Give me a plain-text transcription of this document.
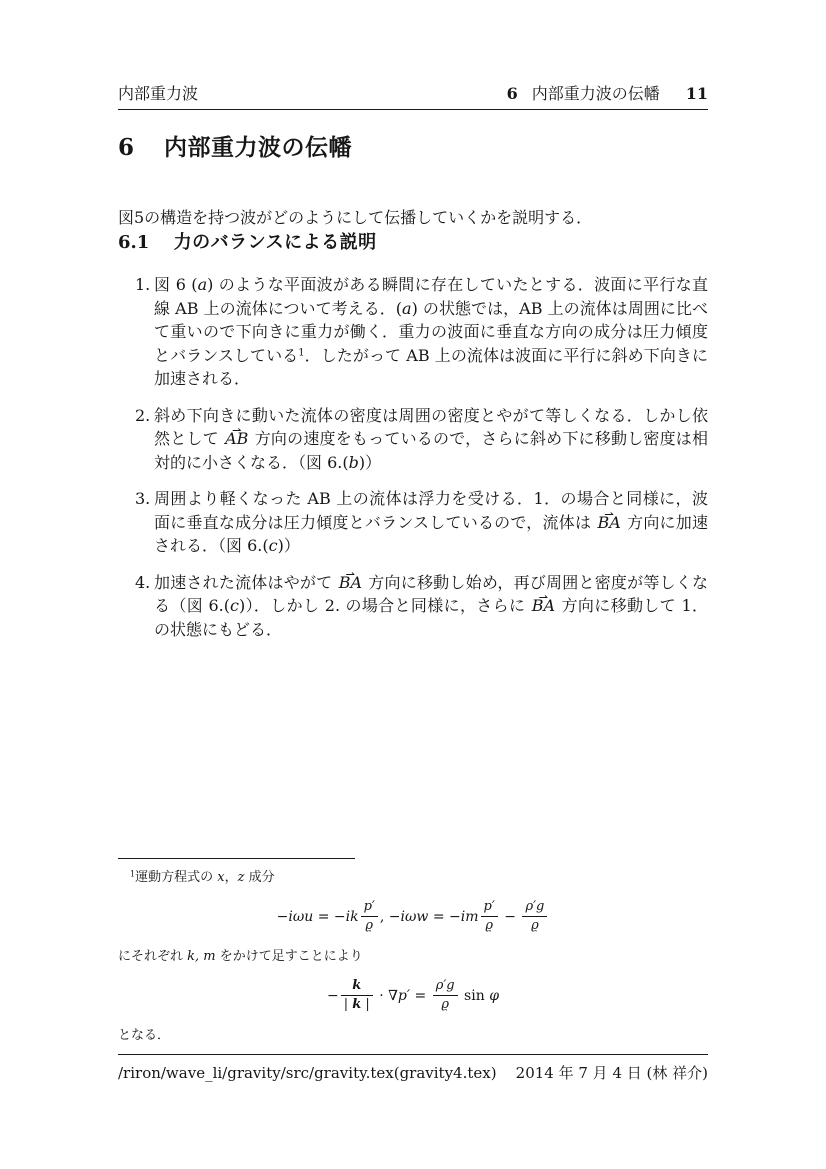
内部重力波	6 内部重力波の伝幡 11
6 内部重力波の伝幡

図5の構造を持つ波がどのようにして伝播していくかを説明する．

6.1 力のバランスによる説明
1. 図 6 (a) のような平面波がある瞬間に存在していたとする．波面に平行な直線 AB 上の流体について考える．(a) の状態では，AB 上の流体は周囲に比べて重いので下向きに重力が働く．重力の波面に垂直な方向の成分は圧力傾度とバランスしている$^1$．したがって AB 上の流体は波面に平行に斜め下向きに加速される．
2. 斜め下向きに動いた流体の密度は周囲の密度とやがて等しくなる．しかし依然として ⇀ AB 方向の速度をもっているので，さらに斜め下に移動し密度は相対的に小さくなる．（図 6.(b)）
3. 周囲より軽くなった AB 上の流体は浮力を受ける．1．の場合と同様に，波面に垂直な成分は圧力傾度とバランスしているので，流体は ⇀ BA 方向に加速される．（図 6.(c)）
4. 加速された流体はやがて ⇀ BA 方向に移動し始め，再び周囲と密度が等しくなる（図 6.(c)）．しかし 2. の場合と同様に，さらに ⇀ BA 方向に移動して 1．の状態にもどる．
$^1$運動方程式の x，z 成分
$-i\omega u = -ik \frac{p'}{ϱ}$ , $-i\omega w = -im \frac{p'}{ϱ} - \frac{\rho'g}{ϱ}$
にそれぞれ k, m をかけて足すことにより
− $\frac{k}{| k |} \cdot \nabla p' = \frac{\rho'g}{ϱ}$ sin φ
となる．
/riron/wave_li/gravity/src/gravity.tex(gravity4.tex) 2014 年 7 月 4 日 (林 祥介)
